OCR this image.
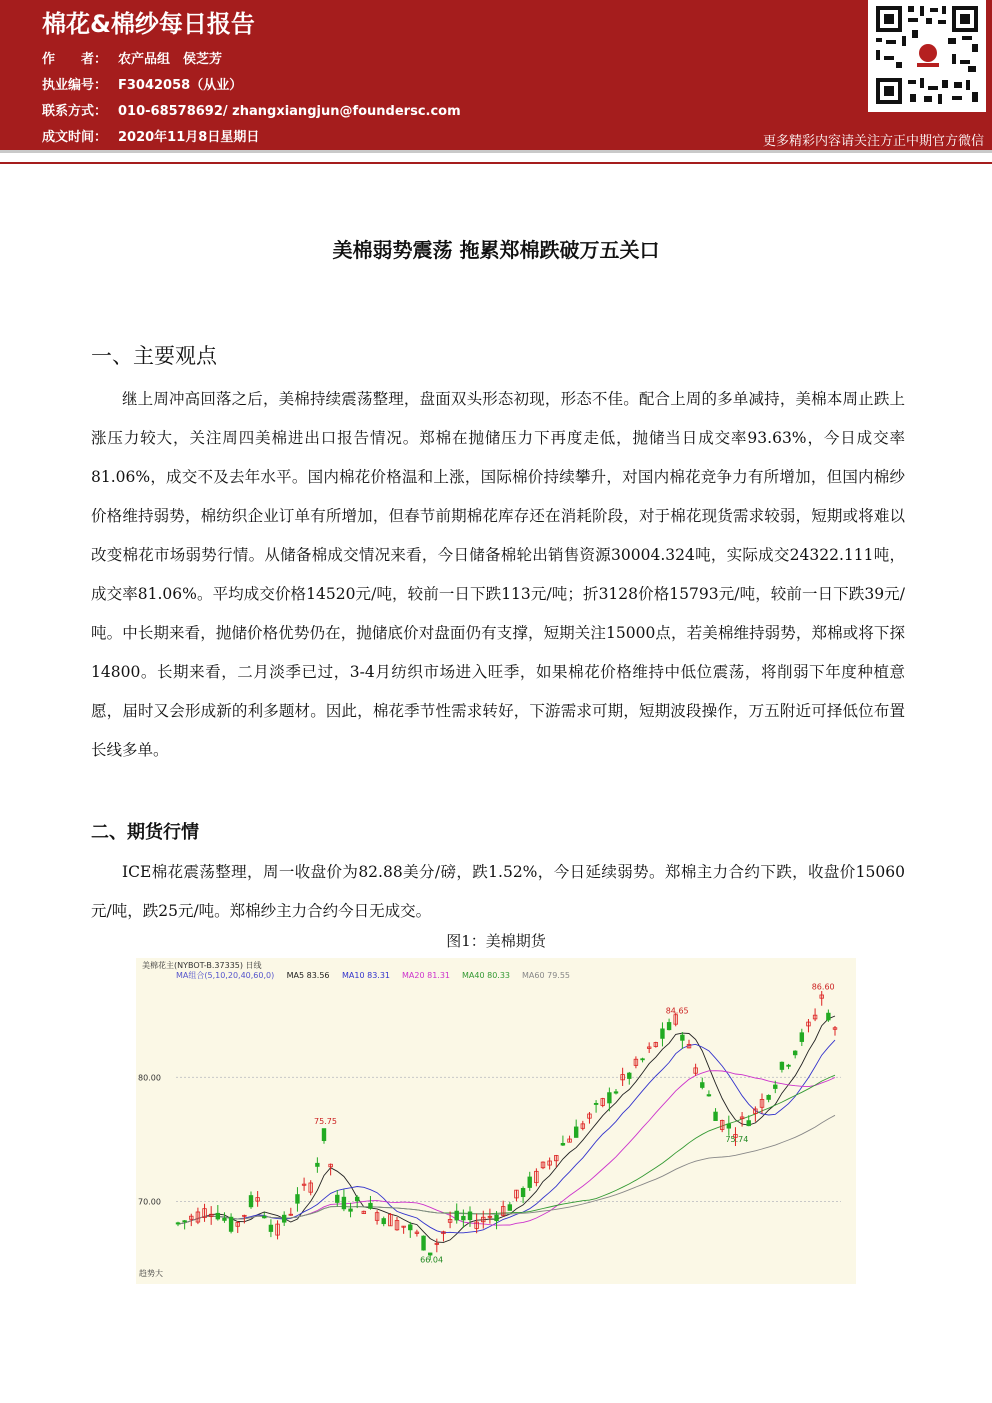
棉花&棉纱每日报告
作　　者： 农产品组　侯芝芳
执业编号： F3042058（从业）
联系方式： 010-68578692/ zhangxiangjun@foundersc.com
成文时间： 2020年11月8日星期日	更多精彩内容请关注方正中期官方微信
美棉弱势震荡 拖累郑棉跌破万五关口
一、主要观点
继上周冲高回落之后，美棉持续震荡整理，盘面双头形态初现，形态不佳。配合上周的多单减持，美棉本周止跌上涨压力较大，关注周四美棉进出口报告情况。郑棉在抛储压力下再度走低，抛储当日成交率93.63%，今日成交率81.06%，成交不及去年水平。国内棉花价格温和上涨，国际棉价持续攀升，对国内棉花竞争力有所增加，但国内棉纱价格维持弱势，棉纺织企业订单有所增加，但春节前期棉花库存还在消耗阶段，对于棉花现货需求较弱，短期或将难以改变棉花市场弱势行情。从储备棉成交情况来看，今日储备棉轮出销售资源30004.324吨，实际成交24322.111吨，成交率81.06%。平均成交价格14520元/吨，较前一日下跌113元/吨；折3128价格15793元/吨，较前一日下跌39元/吨。中长期来看，抛储价格优势仍在，抛储底价对盘面仍有支撑，短期关注15000点，若美棉维持弱势，郑棉或将下探14800。长期来看，二月淡季已过，3-4月纺织市场进入旺季，如果棉花价格维持中低位震荡，将削弱下年度种植意愿，届时又会形成新的利多题材。因此，棉花季节性需求转好，下游需求可期，短期波段操作，万五附近可择低位布置长线多单。
二、期货行情
ICE棉花震荡整理，周一收盘价为82.88美分/磅，跌1.52%，今日延续弱势。郑棉主力合约下跌，收盘价15060元/吨，跌25元/吨。郑棉纱主力合约今日无成交。
图1：美棉期货
80.00
70.00
75.75
66.04
84.65
75.74
86.60
美棉花主(NYBOT-B.37335) 日线
趋势大
MA组合(5,10,20,40,60,0) MA5 83.56 MA10 83.31 MA20 81.31 MA40 80.33 MA60 79.55
